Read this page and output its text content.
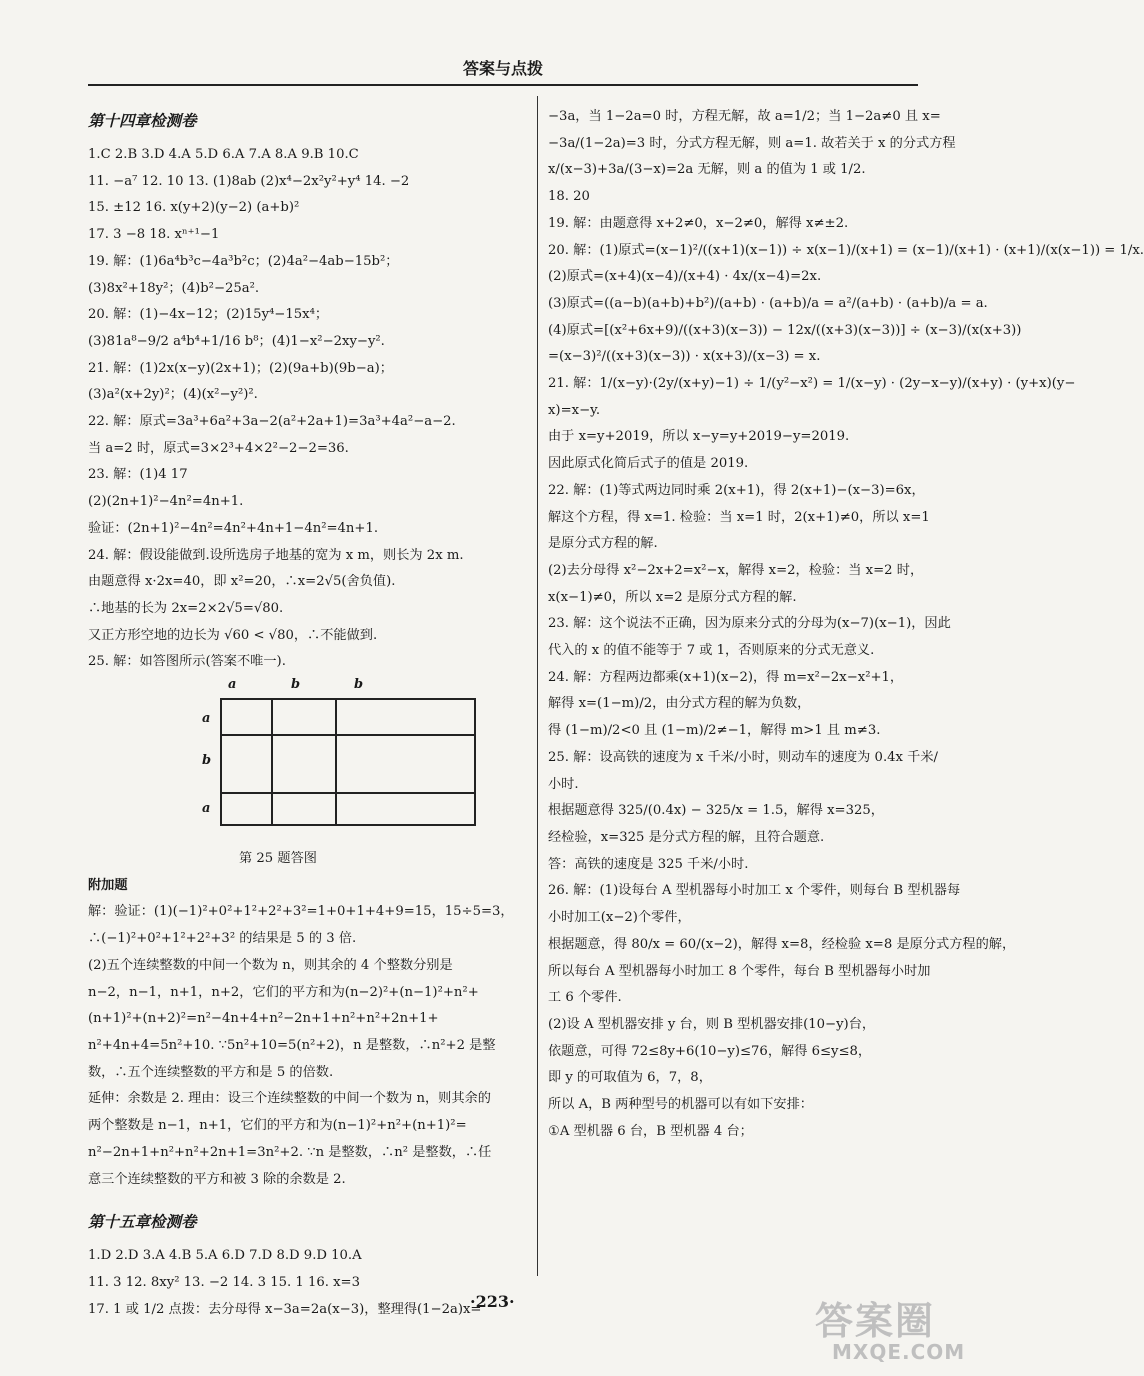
答案与点拨
第十四章检测卷
1.C 2.B 3.D 4.A 5.D 6.A 7.A 8.A 9.B 10.C
11. −a⁷ 12. 10 13. (1)8ab (2)x⁴−2x²y²+y⁴ 14. −2
15. ±12 16. x(y+2)(y−2) (a+b)²
17. 3 −8 18. xⁿ⁺¹−1
19. 解：(1)6a⁴b³c−4a³b²c；(2)4a²−4ab−15b²；
(3)8x²+18y²；(4)b²−25a².
20. 解：(1)−4x−12；(2)15y⁴−15x⁴；
(3)81a⁸−9/2 a⁴b⁴+1/16 b⁸；(4)1−x²−2xy−y².
21. 解：(1)2x(x−y)(2x+1)；(2)(9a+b)(9b−a)；
(3)a²(x+2y)²；(4)(x²−y²)².
22. 解：原式=3a³+6a²+3a−2(a²+2a+1)=3a³+4a²−a−2.
当 a=2 时，原式=3×2³+4×2²−2−2=36.
23. 解：(1)4 17
(2)(2n+1)²−4n²=4n+1.
验证：(2n+1)²−4n²=4n²+4n+1−4n²=4n+1.
24. 解：假设能做到.设所选房子地基的宽为 x m，则长为 2x m.
由题意得 x·2x=40，即 x²=20，∴x=2√5(舍负值).
∴地基的长为 2x=2×2√5=√80.
又正方形空地的边长为 √60 < √80，∴不能做到.
25. 解：如答图所示(答案不唯一).
a	b	b
a
b
a
第 25 题答图
附加题
解：验证：(1)(−1)²+0²+1²+2²+3²=1+0+1+4+9=15，15÷5=3，
∴(−1)²+0²+1²+2²+3² 的结果是 5 的 3 倍.
(2)五个连续整数的中间一个数为 n，则其余的 4 个整数分别是
n−2，n−1，n+1，n+2，它们的平方和为(n−2)²+(n−1)²+n²+
(n+1)²+(n+2)²=n²−4n+4+n²−2n+1+n²+n²+2n+1+
n²+4n+4=5n²+10. ∵5n²+10=5(n²+2)，n 是整数，∴n²+2 是整
数，∴五个连续整数的平方和是 5 的倍数.
延伸：余数是 2. 理由：设三个连续整数的中间一个数为 n，则其余的
两个整数是 n−1，n+1，它们的平方和为(n−1)²+n²+(n+1)²=
n²−2n+1+n²+n²+2n+1=3n²+2. ∵n 是整数，∴n² 是整数，∴任
意三个连续整数的平方和被 3 除的余数是 2.
第十五章检测卷
1.D 2.D 3.A 4.B 5.A 6.D 7.D 8.D 9.D 10.A
11. 3 12. 8xy² 13. −2 14. 3 15. 1 16. x=3
17. 1 或 1/2 点拨：去分母得 x−3a=2a(x−3)，整理得(1−2a)x=
−3a，当 1−2a=0 时，方程无解，故 a=1/2；当 1−2a≠0 且 x=
−3a/(1−2a)=3 时，分式方程无解，则 a=1. 故若关于 x 的分式方程
x/(x−3)+3a/(3−x)=2a 无解，则 a 的值为 1 或 1/2.
18. 20
19. 解：由题意得 x+2≠0，x−2≠0，解得 x≠±2.
20. 解：(1)原式=(x−1)²/((x+1)(x−1)) ÷ x(x−1)/(x+1) = (x−1)/(x+1) · (x+1)/(x(x−1)) = 1/x.
(2)原式=(x+4)(x−4)/(x+4) · 4x/(x−4)=2x.
(3)原式=((a−b)(a+b)+b²)/(a+b) · (a+b)/a = a²/(a+b) · (a+b)/a = a.
(4)原式=[(x²+6x+9)/((x+3)(x−3)) − 12x/((x+3)(x−3))] ÷ (x−3)/(x(x+3))
=(x−3)²/((x+3)(x−3)) · x(x+3)/(x−3) = x.
21. 解：1/(x−y)·(2y/(x+y)−1) ÷ 1/(y²−x²) = 1/(x−y) · (2y−x−y)/(x+y) · (y+x)(y−
x)=x−y.
由于 x=y+2019，所以 x−y=y+2019−y=2019.
因此原式化简后式子的值是 2019.
22. 解：(1)等式两边同时乘 2(x+1)，得 2(x+1)−(x−3)=6x，
解这个方程，得 x=1. 检验：当 x=1 时，2(x+1)≠0，所以 x=1
是原分式方程的解.
(2)去分母得 x²−2x+2=x²−x，解得 x=2，检验：当 x=2 时，
x(x−1)≠0，所以 x=2 是原分式方程的解.
23. 解：这个说法不正确，因为原来分式的分母为(x−7)(x−1)，因此
代入的 x 的值不能等于 7 或 1，否则原来的分式无意义.
24. 解：方程两边都乘(x+1)(x−2)，得 m=x²−2x−x²+1，
解得 x=(1−m)/2，由分式方程的解为负数，
得 (1−m)/2<0 且 (1−m)/2≠−1，解得 m>1 且 m≠3.
25. 解：设高铁的速度为 x 千米/小时，则动车的速度为 0.4x 千米/
小时.
根据题意得 325/(0.4x) − 325/x = 1.5，解得 x=325，
经检验，x=325 是分式方程的解，且符合题意.
答：高铁的速度是 325 千米/小时.
26. 解：(1)设每台 A 型机器每小时加工 x 个零件，则每台 B 型机器每
小时加工(x−2)个零件，
根据题意，得 80/x = 60/(x−2)，解得 x=8，经检验 x=8 是原分式方程的解，
所以每台 A 型机器每小时加工 8 个零件，每台 B 型机器每小时加
工 6 个零件.
(2)设 A 型机器安排 y 台，则 B 型机器安排(10−y)台，
依题意，可得 72≤8y+6(10−y)≤76，解得 6≤y≤8，
即 y 的可取值为 6，7，8，
所以 A，B 两种型号的机器可以有如下安排：
①A 型机器 6 台，B 型机器 4 台；
·223·	答案圈
MXQE.COM
